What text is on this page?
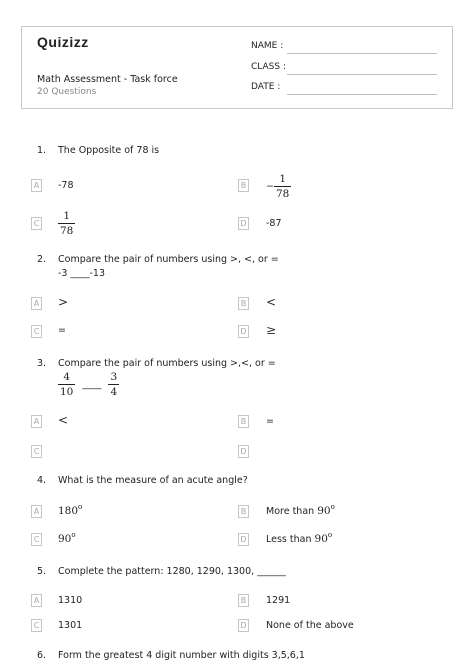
Quizizz
Math Assessment - Task force
20 Questions
NAME :
CLASS :
DATE :
1. The Opposite of 78 is
A -78	$B - \frac{1}{78}$
C $\frac{1}{78}$	D -87
2. Compare the pair of numbers using >, <, or =
-3 ____-13
A >	B <
C =	D ≥
3. Compare the pair of numbers using >,<, or =
$\frac{4}{10}$ ____ $\frac{3}{4}$
A <	B =
C	D
4. What is the measure of an acute angle?
A 180$^o$	B More than 90$^o$
C 90$^o$	D Less than 90$^o$
5. Complete the pattern: 1280, 1290, 1300, ______
A 1310	B 1291
C 1301	D None of the above
6. Form the greatest 4 digit number with digits 3,5,6,1
